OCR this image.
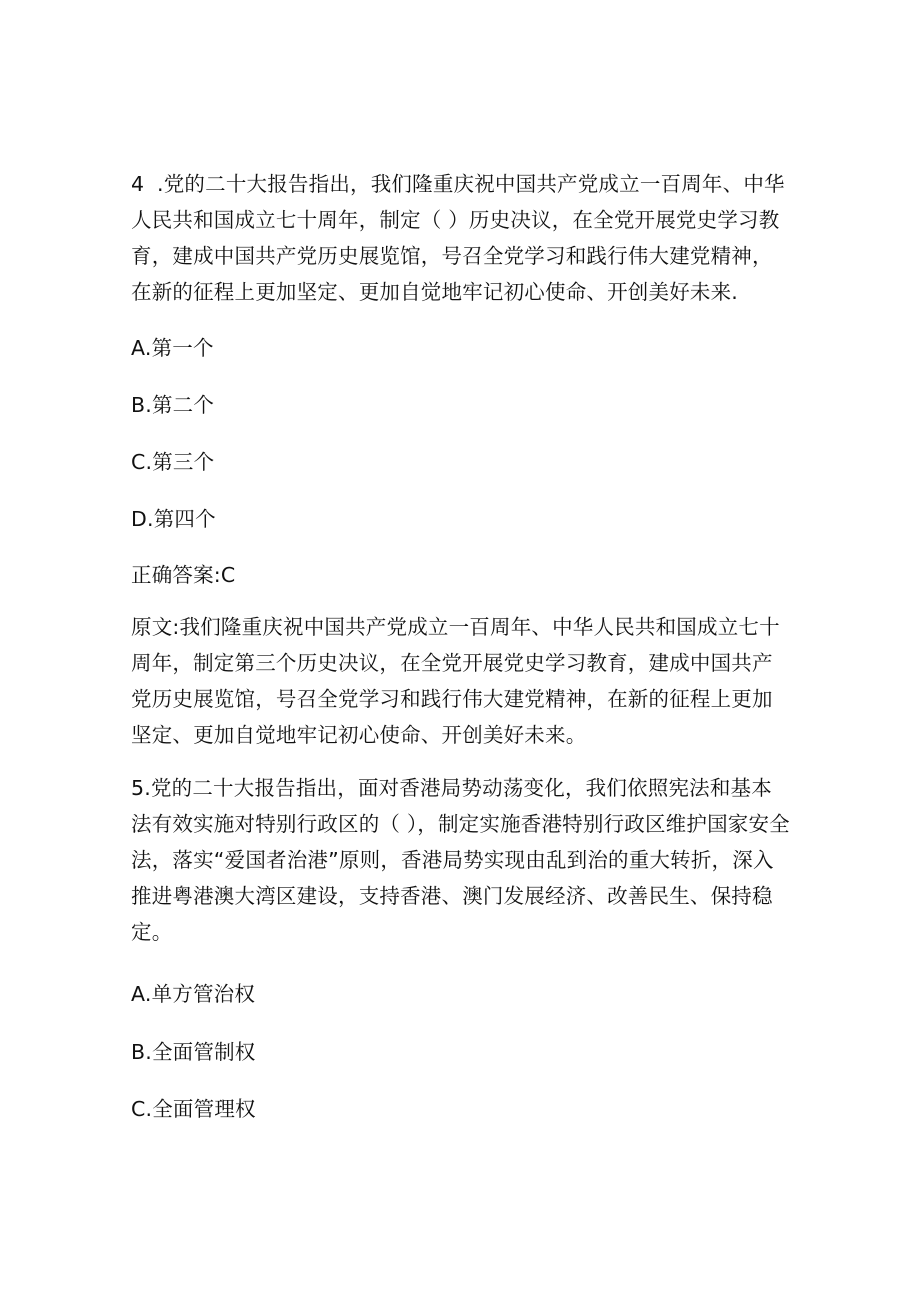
4 .党的二十大报告指出，我们隆重庆祝中国共产党成立一百周年、中华人民共和国成立七十周年，制定（ ）历史决议，在全党开展党史学习教育，建成中国共产党历史展览馆，号召全党学习和践行伟大建党精神，在新的征程上更加坚定、更加自觉地牢记初心使命、开创美好未来.
A.第一个
B.第二个
C.第三个
D.第四个
正确答案:C
原文:我们隆重庆祝中国共产党成立一百周年、中华人民共和国成立七十周年，制定第三个历史决议，在全党开展党史学习教育，建成中国共产党历史展览馆，号召全党学习和践行伟大建党精神，在新的征程上更加坚定、更加自觉地牢记初心使命、开创美好未来。
5.党的二十大报告指出，面对香港局势动荡变化，我们依照宪法和基本法有效实施对特别行政区的（ ），制定实施香港特别行政区维护国家安全法，落实“爱国者治港”原则，香港局势实现由乱到治的重大转折，深入推进粤港澳大湾区建设，支持香港、澳门发展经济、改善民生、保持稳定。
A.单方管治权
B.全面管制权
C.全面管理权
